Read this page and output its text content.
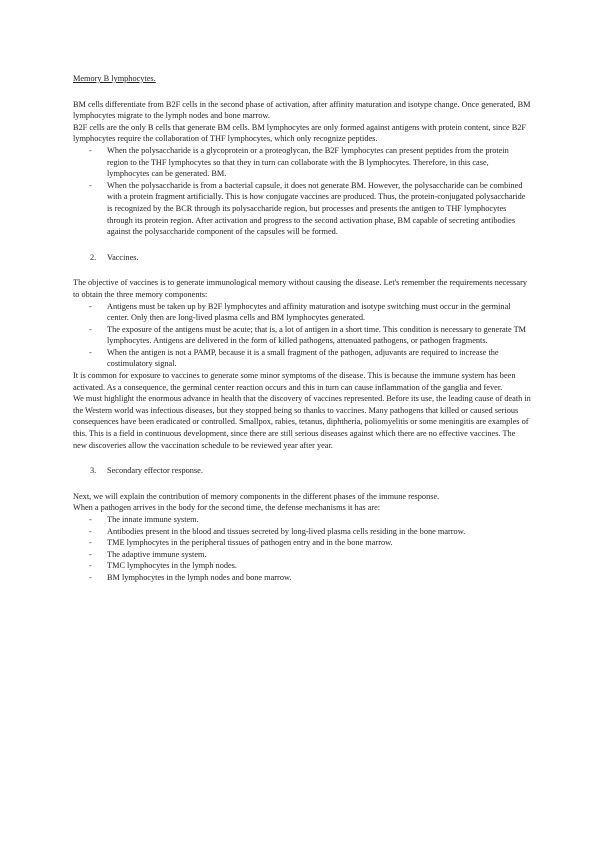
Memory B lymphocytes.

BM cells differentiate from B2F cells in the second phase of activation, after affinity maturation and isotype change. Once generated, BM lymphocytes migrate to the lymph nodes and bone marrow.

B2F cells are the only B cells that generate BM cells. BM lymphocytes are only formed against antigens with protein content, since B2F lymphocytes require the collaboration of THF lymphocytes, which only recognize peptides.

- When the polysaccharide is a glycoprotein or a proteoglycan, the B2F lymphocytes can present peptides from the protein region to the THF lymphocytes so that they in turn can collaborate with the B lymphocytes. Therefore, in this case, lymphocytes can be generated. BM.
- When the polysaccharide is from a bacterial capsule, it does not generate BM. However, the polysaccharide can be combined with a protein fragment artificially. This is how conjugate vaccines are produced. Thus, the protein-conjugated polysaccharide is recognized by the BCR through its polysaccharide region, but processes and presents the antigen to THF lymphocytes through its protein region. After activation and progress to the second activation phase, BM capable of secreting antibodies against the polysaccharide component of the capsules will be formed.

2. Vaccines.

The objective of vaccines is to generate immunological memory without causing the disease. Let's remember the requirements necessary to obtain the three memory components:

- Antigens must be taken up by B2F lymphocytes and affinity maturation and isotype switching must occur in the germinal center. Only then are long-lived plasma cells and BM lymphocytes generated.
- The exposure of the antigens must be acute; that is, a lot of antigen in a short time. This condition is necessary to generate TM lymphocytes. Antigens are delivered in the form of killed pathogens, attenuated pathogens, or pathogen fragments.
- When the antigen is not a PAMP, because it is a small fragment of the pathogen, adjuvants are required to increase the costimulatory signal.

It is common for exposure to vaccines to generate some minor symptoms of the disease. This is because the immune system has been activated. As a consequence, the germinal center reaction occurs and this in turn can cause inflammation of the ganglia and fever.

We must highlight the enormous advance in health that the discovery of vaccines represented. Before its use, the leading cause of death in the Western world was infectious diseases, but they stopped being so thanks to vaccines. Many pathogens that killed or caused serious consequences have been eradicated or controlled. Smallpox, rabies, tetanus, diphtheria, poliomyelitis or some meningitis are examples of this. This is a field in continuous development, since there are still serious diseases against which there are no effective vaccines. The new discoveries allow the vaccination schedule to be reviewed year after year.

3. Secondary effector response.

Next, we will explain the contribution of memory components in the different phases of the immune response.

When a pathogen arrives in the body for the second time, the defense mechanisms it has are:

- The innate immune system.
- Antibodies present in the blood and tissues secreted by long-lived plasma cells residing in the bone marrow.
- TME lymphocytes in the peripheral tissues of pathogen entry and in the bone marrow.
- The adaptive immune system.
- TMC lymphocytes in the lymph nodes.
- BM lymphocytes in the lymph nodes and bone marrow.
